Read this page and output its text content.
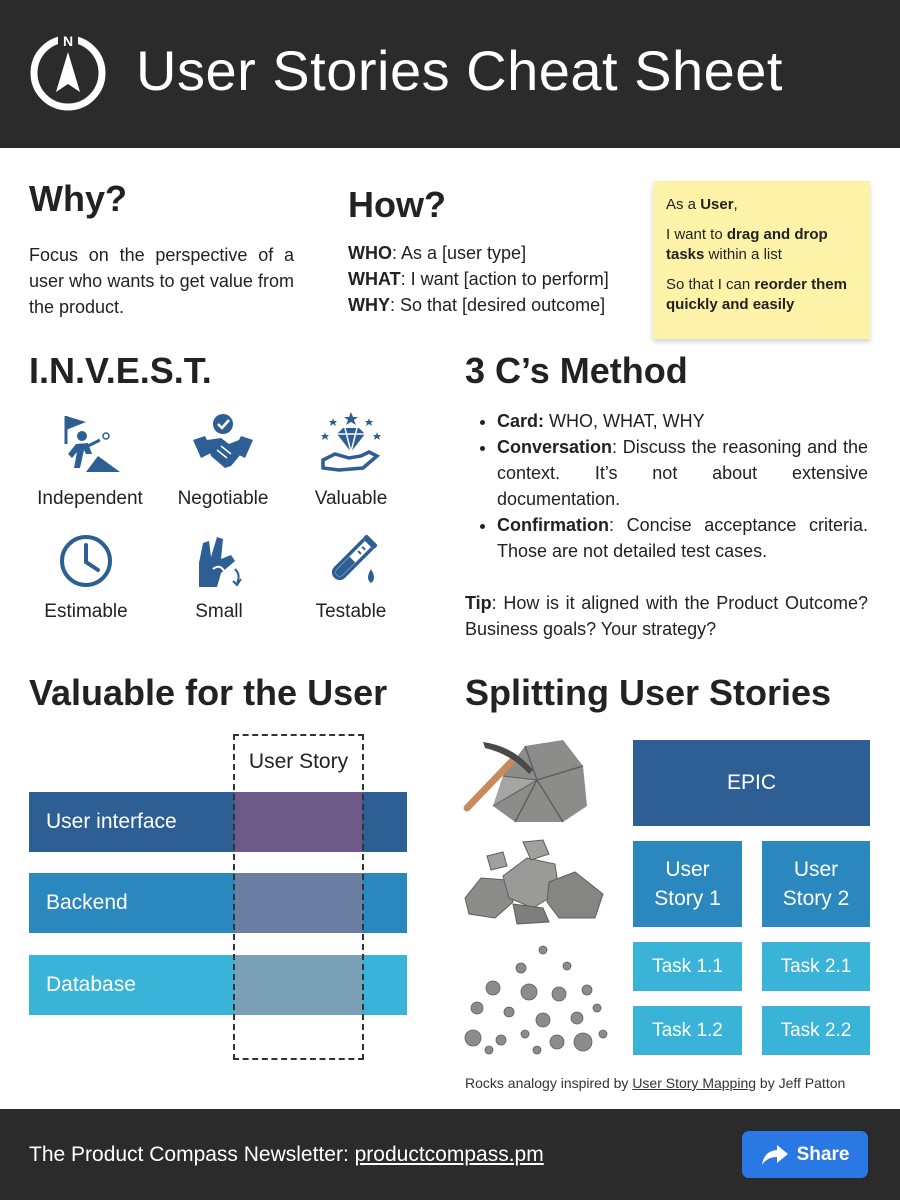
N User Stories Cheat Sheet
Why?
Focus on the perspective of a user who wants to get value from the product.
How?
WHO: As a [user type]
WHAT: I want [action to perform]
WHY: So that [desired outcome]

As a User,

I want to drag and drop tasks within a list

So that I can reorder them quickly and easily

I.N.V.E.S.T.
Independent	Negotiable	Valuable
Estimable	Small	Testable
3 C’s Method
• Card: WHO, WHAT, WHY
• Conversation: Discuss the reasoning and the context. It’s not about extensive documentation.
• Confirmation: Concise acceptance criteria. Those are not detailed test cases.
Tip: How is it aligned with the Product Outcome? Business goals? Your strategy?
Valuable for the User
User Story
User interface
Backend
Database
Splitting User Stories
EPIC
User Story 1
User Story 2
Task 1.1	Task 2.1
Task 1.2	Task 2.2
Rocks analogy inspired by User Story Mapping by Jeff Patton
The Product Compass Newsletter: productcompass.pm	Share
